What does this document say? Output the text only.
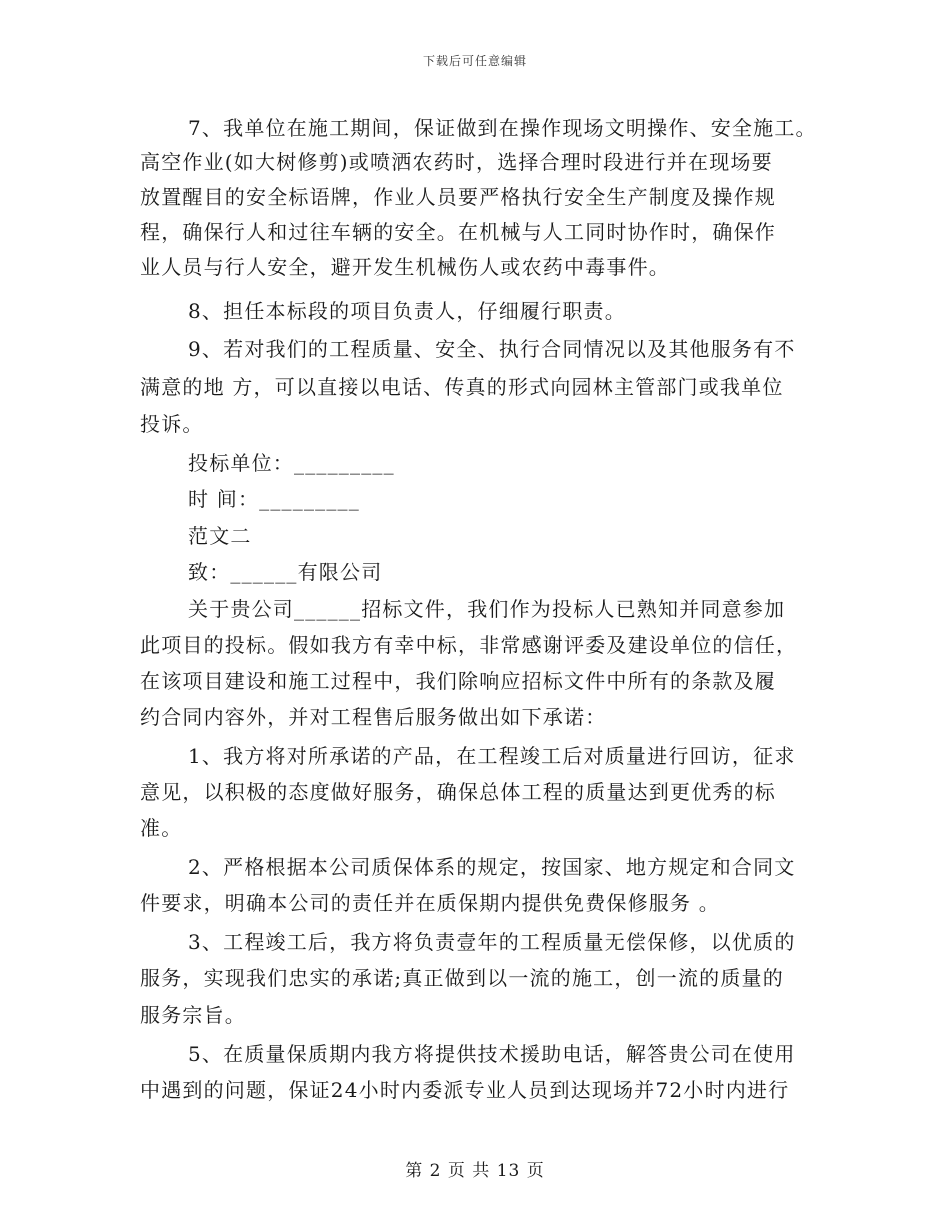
下载后可任意编辑
7、我单位在施工期间，保证做到在操作现场文明操作、安全施工。
高空作业(如大树修剪)或喷洒农药时，选择合理时段进行并在现场要
放置醒目的安全标语牌，作业人员要严格执行安全生产制度及操作规
程，确保行人和过往车辆的安全。在机械与人工同时协作时，确保作
业人员与行人安全，避开发生机械伤人或农药中毒事件。
8、担任本标段的项目负责人，仔细履行职责。
9、若对我们的工程质量、安全、执行合同情况以及其他服务有不
满意的地 方，可以直接以电话、传真的形式向园林主管部门或我单位
投诉。
投标单位：_________
时 间：_________
范文二
致：______有限公司
关于贵公司______招标文件，我们作为投标人已熟知并同意参加
此项目的投标。假如我方有幸中标，非常感谢评委及建设单位的信任，
在该项目建设和施工过程中，我们除响应招标文件中所有的条款及履
约合同内容外，并对工程售后服务做出如下承诺：
1、我方将对所承诺的产品，在工程竣工后对质量进行回访，征求
意见，以积极的态度做好服务，确保总体工程的质量达到更优秀的标
准。
2、严格根据本公司质保体系的规定，按国家、地方规定和合同文
件要求，明确本公司的责任并在质保期内提供免费保修服务 。
3、工程竣工后，我方将负责壹年的工程质量无偿保修，以优质的
服务，实现我们忠实的承诺;真正做到以一流的施工，创一流的质量的
服务宗旨。
5、在质量保质期内我方将提供技术援助电话，解答贵公司在使用
中遇到的问题，保证24小时内委派专业人员到达现场并72小时内进行
第 2 页 共 13 页
